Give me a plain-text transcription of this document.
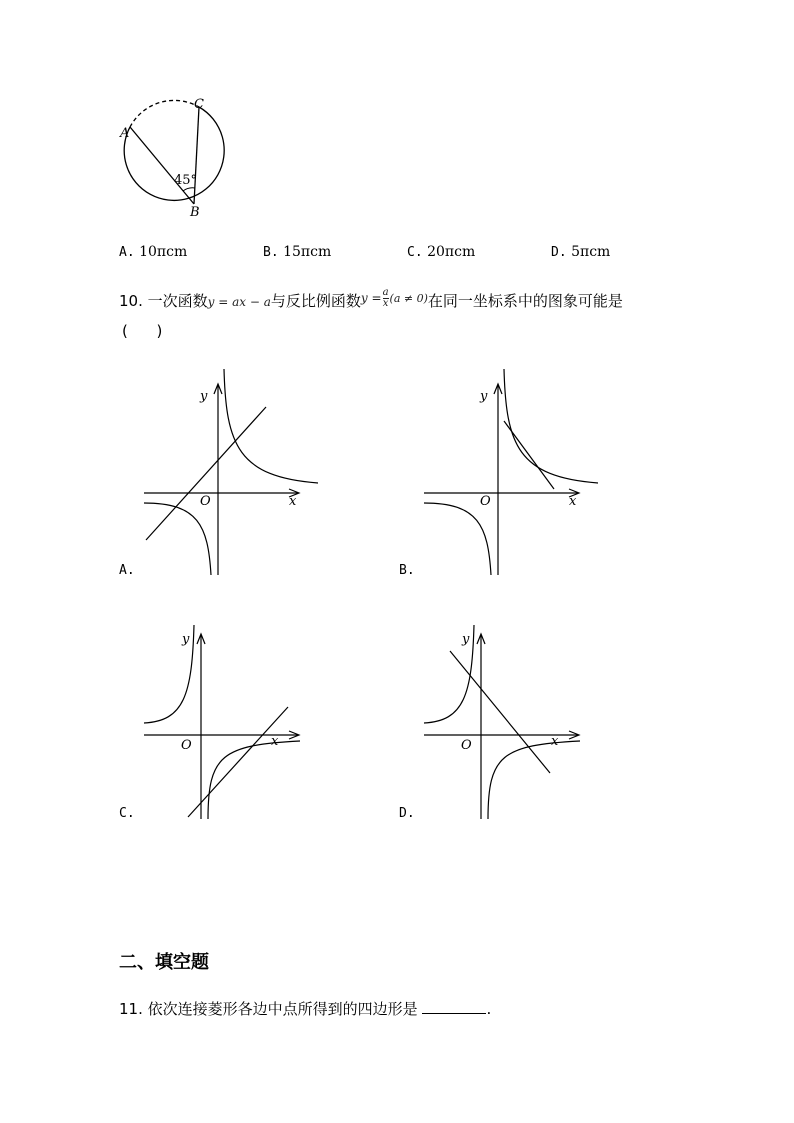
A
C
B
45°
A. 10πcm	B. 15πcm	C. 20πcm	D. 5πcm
10. 一次函数y = ax − a与反比例函数$y = \frac{a}{x} (a \ne 0)$在同一坐标系中的图象可能是
(      )
y
x
O
A.
y
x
O
B.
y
x
O
C.
y
x
O
D.
二、填空题
11. 依次连接菱形各边中点所得到的四边形是	.
